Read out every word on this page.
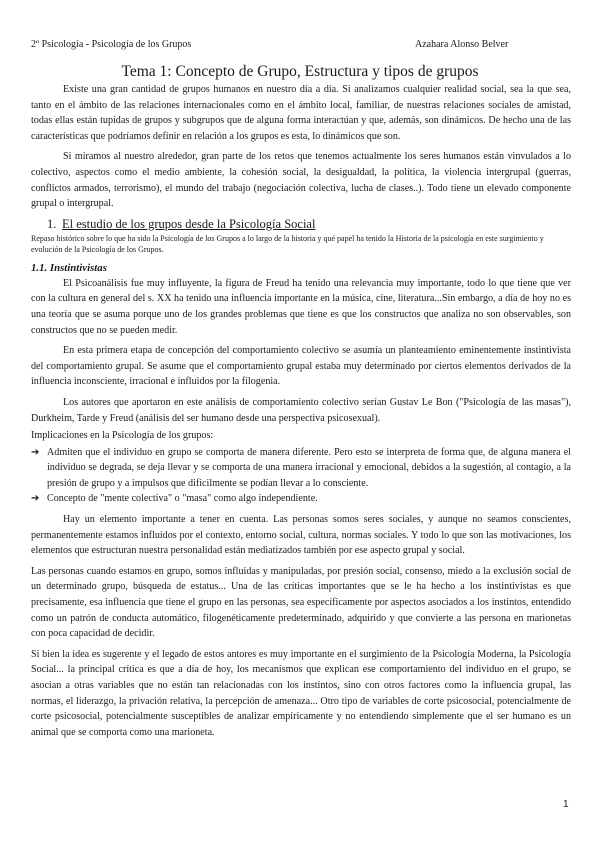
2º Psicología - Psicología de los Grupos	Azahara Alonso Belver
Tema 1: Concepto de Grupo, Estructura y tipos de grupos

Existe una gran cantidad de grupos humanos en nuestro día a día. Si analizamos cualquier realidad social, sea la que sea, tanto en el ámbito de las relaciones internacionales como en el ámbito local, familiar, de nuestras relaciones sociales de amistad, todas ellas están tupidas de grupos y subgrupos que de alguna forma interactúan y que, además, son dinámicos. De hecho una de las características que podríamos definir en relación a los grupos es esta, lo dinámicos que son.

Si miramos al nuestro alrededor, gran parte de los retos que tenemos actualmente los seres humanos están vinvulados a lo colectivo, aspectos como el medio ambiente, la cohesión social, la desigualdad, la política, la violencia intergrupal (guerras, conflictos armados, terrorismo), el mundo del trabajo (negociación colectiva, lucha de clases..). Todo tiene un elevado componente grupal o intergrupal.

1. El estudio de los grupos desde la Psicología Social

Repaso histórico sobre lo que ha sido la Psicología de los Grupos a lo largo de la historia y qué papel ha tenido la Historia de la psicología en este surgimiento y evolución de la Psicología de los Grupos.

1.1. Instintivistas

El Psicoanálisis fue muy influyente, la figura de Freud ha tenido una relevancia muy importante, todo lo que tiene que ver con la cultura en general del s. XX ha tenido una influencia importante en la música, cine, literatura...Sin embargo, a día de hoy no es una teoría que se asuma porque uno de los grandes problemas que tiene es que los constructos que analiza no son observables, son constructos que no se pueden medir.

En esta primera etapa de concepción del comportamiento colectivo se asumía un planteamiento eminentemente instintivista del comportamiento grupal. Se asume que el comportamiento grupal estaba muy determinado por ciertos elementos derivados de la influencia inconsciente, irracional e influidos por la filogenia.

Los autores que aportaron en este análisis de comportamiento colectivo serían Gustav Le Bon ("Psicología de las masas"), Durkheim, Tarde y Freud (análisis del ser humano desde una perspectiva psicosexual).

Implicaciones en la Psicología de los grupos:

➔ Admiten que el individuo en grupo se comporta de manera diferente. Pero esto se interpreta de forma que, de alguna manera el individuo se degrada, se deja llevar y se comporta de una manera irracional y emocional, debidos a la sugestión, al contagio, a la presión de grupo y a impulsos que difícilmente se podían llevar a lo consciente.
➔ Concepto de "mente colectiva" o "masa" como algo independiente.

Hay un elemento importante a tener en cuenta. Las personas somos seres sociales, y aunque no seamos conscientes, permanentemente estamos influidos por el contexto, entorno social, cultura, normas sociales. Y todo lo que son las motivaciones, los elementos que estructuran nuestra personalidad están mediatizados también por ese aspecto grupal y social.

Las personas cuando estamos en grupo, somos influidas y manipuladas, por presión social, consenso, miedo a la exclusión social de un determinado grupo, búsqueda de estatus... Una de las críticas importantes que se le ha hecho a los instintivistas es que precisamente, esa influencia que tiene el grupo en las personas, sea específicamente por aspectos asociados a los instintos, entendido como un patrón de conducta automático, filogenéticamente predeterminado, adquirido y que convierte a las persona en marionetas con poca capacidad de decidir.

Si bien la idea es sugerente y el legado de estos antores es muy importante en el surgimiento de la Psicología Moderna, la Psicología Social... la principal crítica es que a día de hoy, los mecanismos que explican ese comportamiento del individuo en el grupo, se asocian a otras variables que no están tan relacionadas con los instintos, sino con otros factores como la influencia grupal, las normas, el liderazgo, la privación relativa, la percepción de amenaza... Otro tipo de variables de corte psicosocial, potencialmente de corte psicosocial, potencialmente susceptibles de analizar empíricamente y no entendiendo simplemente que el ser humano es un animal que se comporta como una marioneta.

1
